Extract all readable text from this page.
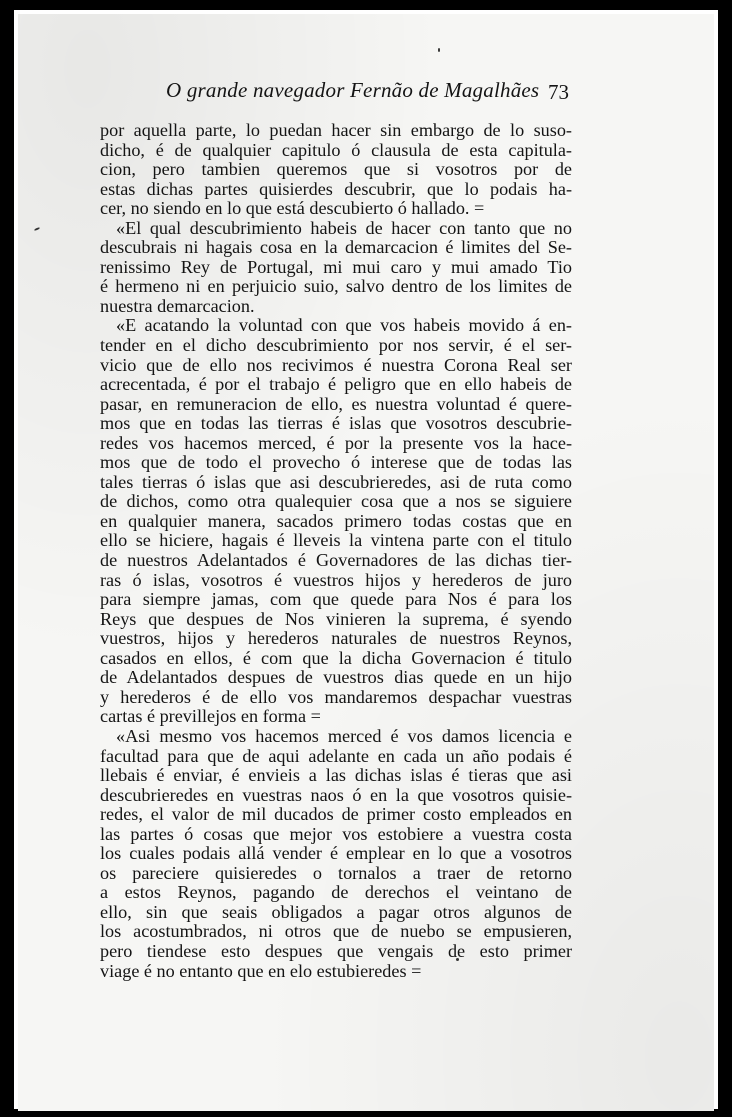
O grande navegador Fernão de Magalhães 73
por aquella parte, lo puedan hacer sin embargo de lo suso-
dicho, é de qualquier capitulo ó clausula de esta capitula-
cion, pero tambien queremos que si vosotros por de
estas dichas partes quisierdes descubrir, que lo podais ha-
cer, no siendo en lo que está descubierto ó hallado. =
«El qual descubrimiento habeis de hacer con tanto que no
descubrais ni hagais cosa en la demarcacion é limites del Se-
renissimo Rey de Portugal, mi mui caro y mui amado Tio
é hermeno ni en perjuicio suio, salvo dentro de los limites de
nuestra demarcacion.
«E acatando la voluntad con que vos habeis movido á en-
tender en el dicho descubrimiento por nos servir, é el ser-
vicio que de ello nos recivimos é nuestra Corona Real ser
acrecentada, é por el trabajo é peligro que en ello habeis de
pasar, en remuneracion de ello, es nuestra voluntad é quere-
mos que en todas las tierras é islas que vosotros descubrie-
redes vos hacemos merced, é por la presente vos la hace-
mos que de todo el provecho ó interese que de todas las
tales tierras ó islas que asi descubrieredes, asi de ruta como
de dichos, como otra qualequier cosa que a nos se siguiere
en qualquier manera, sacados primero todas costas que en
ello se hiciere, hagais é lleveis la vintena parte con el titulo
de nuestros Adelantados é Governadores de las dichas tier-
ras ó islas, vosotros é vuestros hijos y herederos de juro
para siempre jamas, com que quede para Nos é para los
Reys que despues de Nos vinieren la suprema, é syendo
vuestros, hijos y herederos naturales de nuestros Reynos,
casados en ellos, é com que la dicha Governacion é titulo
de Adelantados despues de vuestros dias quede en un hijo
y herederos é de ello vos mandaremos despachar vuestras
cartas é previllejos en forma =
«Asi mesmo vos hacemos merced é vos damos licencia e
facultad para que de aqui adelante en cada un año podais é
llebais é enviar, é envieis a las dichas islas é tieras que asi
descubrieredes en vuestras naos ó en la que vosotros quisie-
redes, el valor de mil ducados de primer costo empleados en
las partes ó cosas que mejor vos estobiere a vuestra costa
los cuales podais allá vender é emplear en lo que a vosotros
os pareciere quisieredes o tornalos a traer de retorno
a estos Reynos, pagando de derechos el veintano de
ello, sin que seais obligados a pagar otros algunos de
los acostumbrados, ni otros que de nuebo se empusieren,
pero tiendese esto despues que vengais de esto primer
viage é no entanto que en elo estubieredes =
